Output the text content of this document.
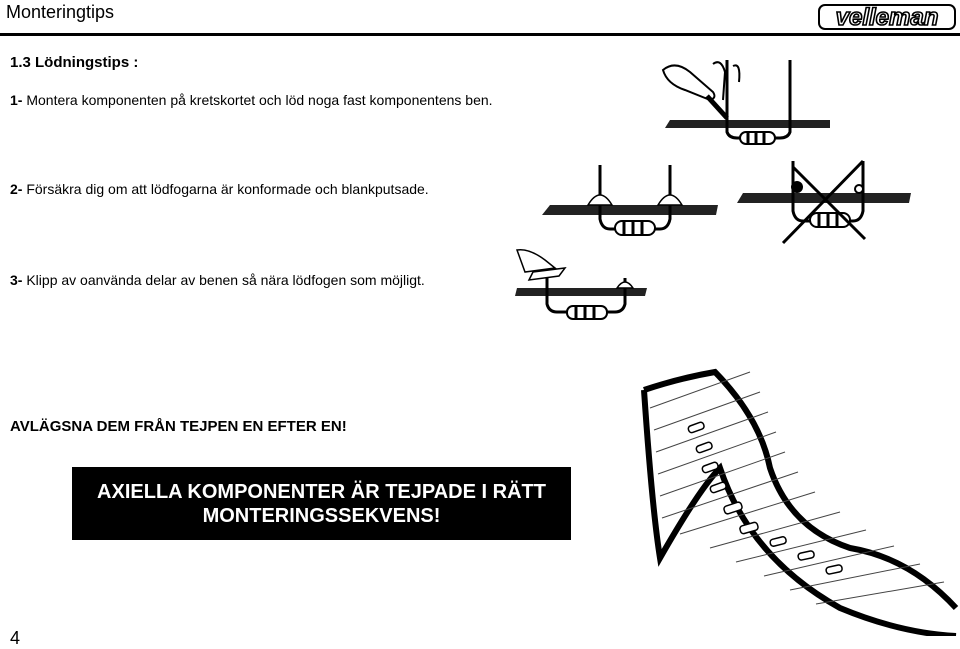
Monteringtips	velleman
1.3 Lödningstips :
1- Montera komponenten på kretskortet och löd noga fast komponentens ben.
2- Försäkra dig om att lödfogarna är konformade och blankputsade.
3- Klipp av oanvända delar av benen så nära lödfogen som möjligt.
AVLÄGSNA DEM FRÅN TEJPEN EN EFTER EN!
AXIELLA KOMPONENTER ÄR TEJPADE I RÄTT
MONTERINGSSEKVENS!
4
